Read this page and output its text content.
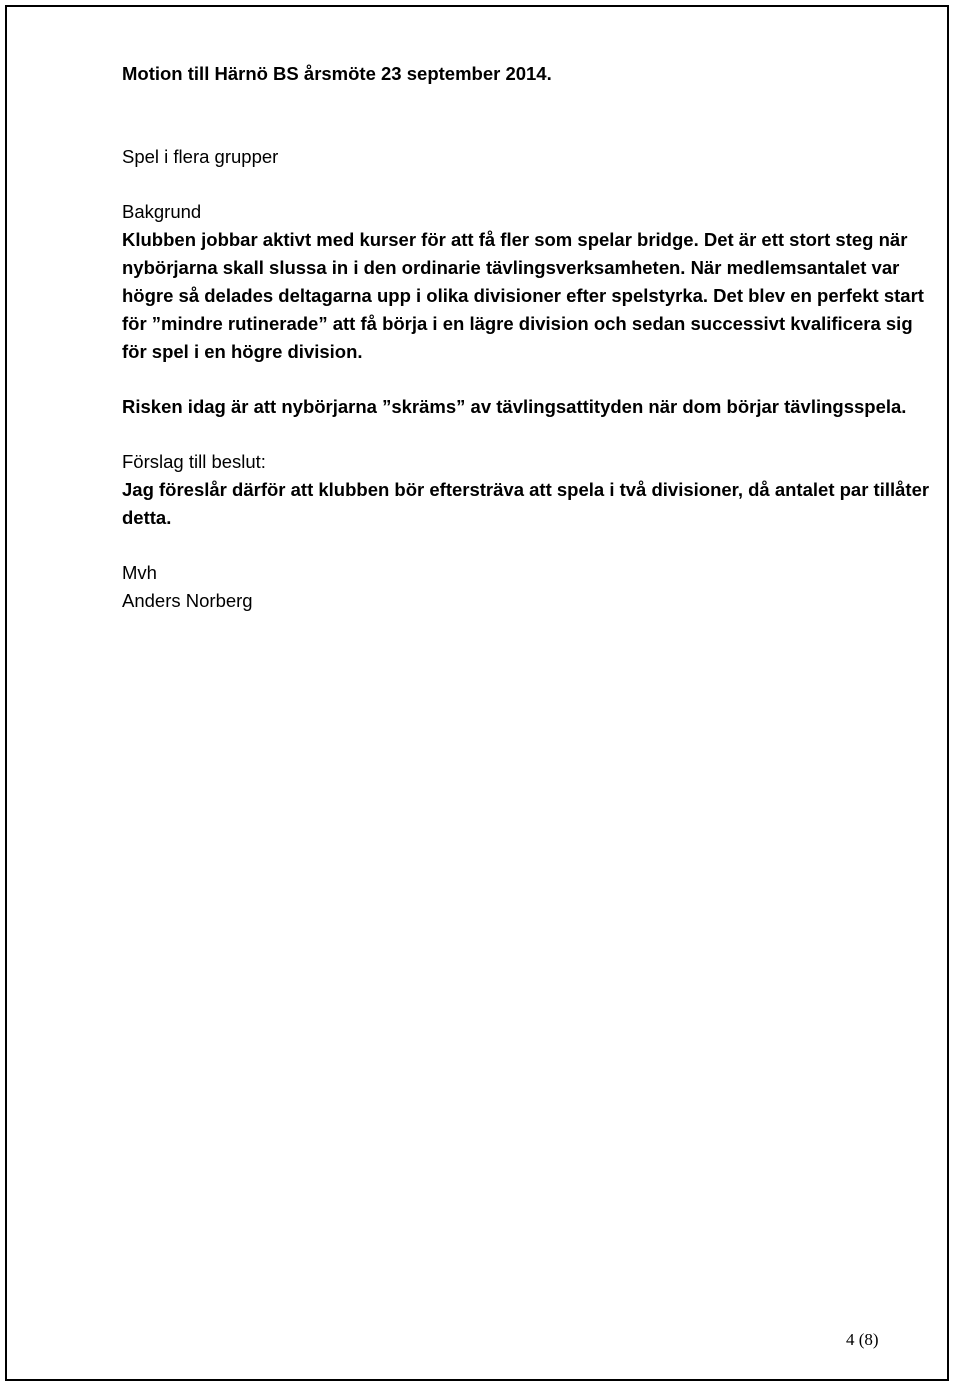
Motion till Härnö BS årsmöte 23 september 2014.

Spel i flera grupper

Bakgrund

Klubben jobbar aktivt med kurser för att få fler som spelar bridge. Det är ett stort steg när nybörjarna skall slussa in i den ordinarie tävlingsverksamheten. När medlemsantalet var högre så delades deltagarna upp i olika divisioner efter spelstyrka. Det blev en perfekt start för ”mindre rutinerade” att få börja i en lägre division och sedan successivt kvalificera sig för spel i en högre division.

Risken idag är att nybörjarna ”skräms” av tävlingsattityden när dom börjar tävlingsspela.

Förslag till beslut:

Jag föreslår därför att klubben bör eftersträva att spela i två divisioner, då antalet par tillåter detta.

Mvh

Anders Norberg

4 (8)
